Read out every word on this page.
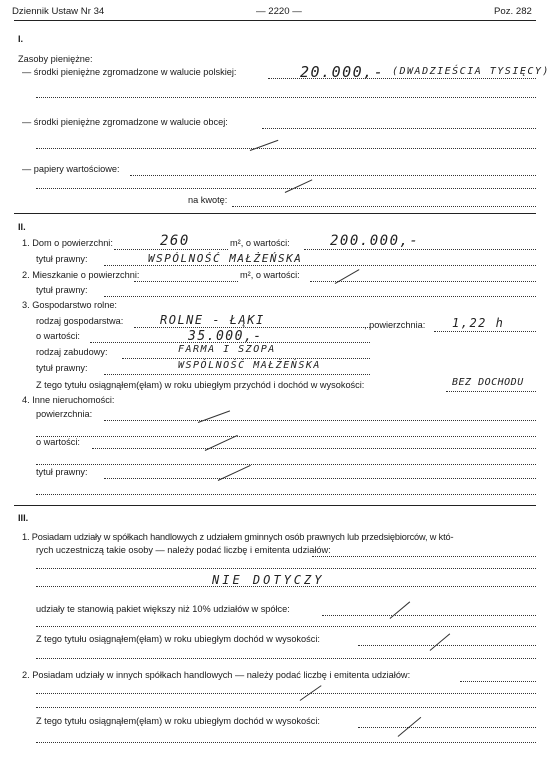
Dziennik Ustaw Nr 34	— 2220 —	Poz. 282
I.
Zasoby pieniężne:
— środki pieniężne zgromadzone w walucie polskiej:	20.000,- (DWADZIEŚCIA TYSIĘCY)
— środki pieniężne zgromadzone w walucie obcej:
— papiery wartościowe:
na kwotę:
II.
1. Dom o powierzchni:	260	m², o wartości:	200.000,-
tytuł prawny:	WSPÓLNOŚĆ MAŁŻEŃSKA
2. Mieszkanie o powierzchni:	m², o wartości:
tytuł prawny:
3. Gospodarstwo rolne:
rodzaj gospodarstwa:	ROLNE - ŁĄKI	, powierzchnia: 1,22 h
o wartości:	35.000,-
rodzaj zabudowy:	FARMA I SZOPA
tytuł prawny:	WSPÓLNOŚĆ MAŁŻEŃSKA
Z tego tytułu osiągnąłem(ęłam) w roku ubiegłym przychód i dochód w wysokości:	BEZ DOCHODU
4. Inne nieruchomości:
powierzchnia:
o wartości:
tytuł prawny:
III.
1. Posiadam udziały w spółkach handlowych z udziałem gminnych osób prawnych lub przedsiębiorców, w któ-
rych uczestniczą takie osoby — należy podać liczbę i emitenta udziałów:
NIE DOTYCZY
udziały te stanowią pakiet większy niż 10% udziałów w spółce:
Z tego tytułu osiągnąłem(ęłam) w roku ubiegłym dochód w wysokości:
2. Posiadam udziały w innych spółkach handlowych — należy podać liczbę i emitenta udziałów:
Z tego tytułu osiągnąłem(ęłam) w roku ubiegłym dochód w wysokości:
